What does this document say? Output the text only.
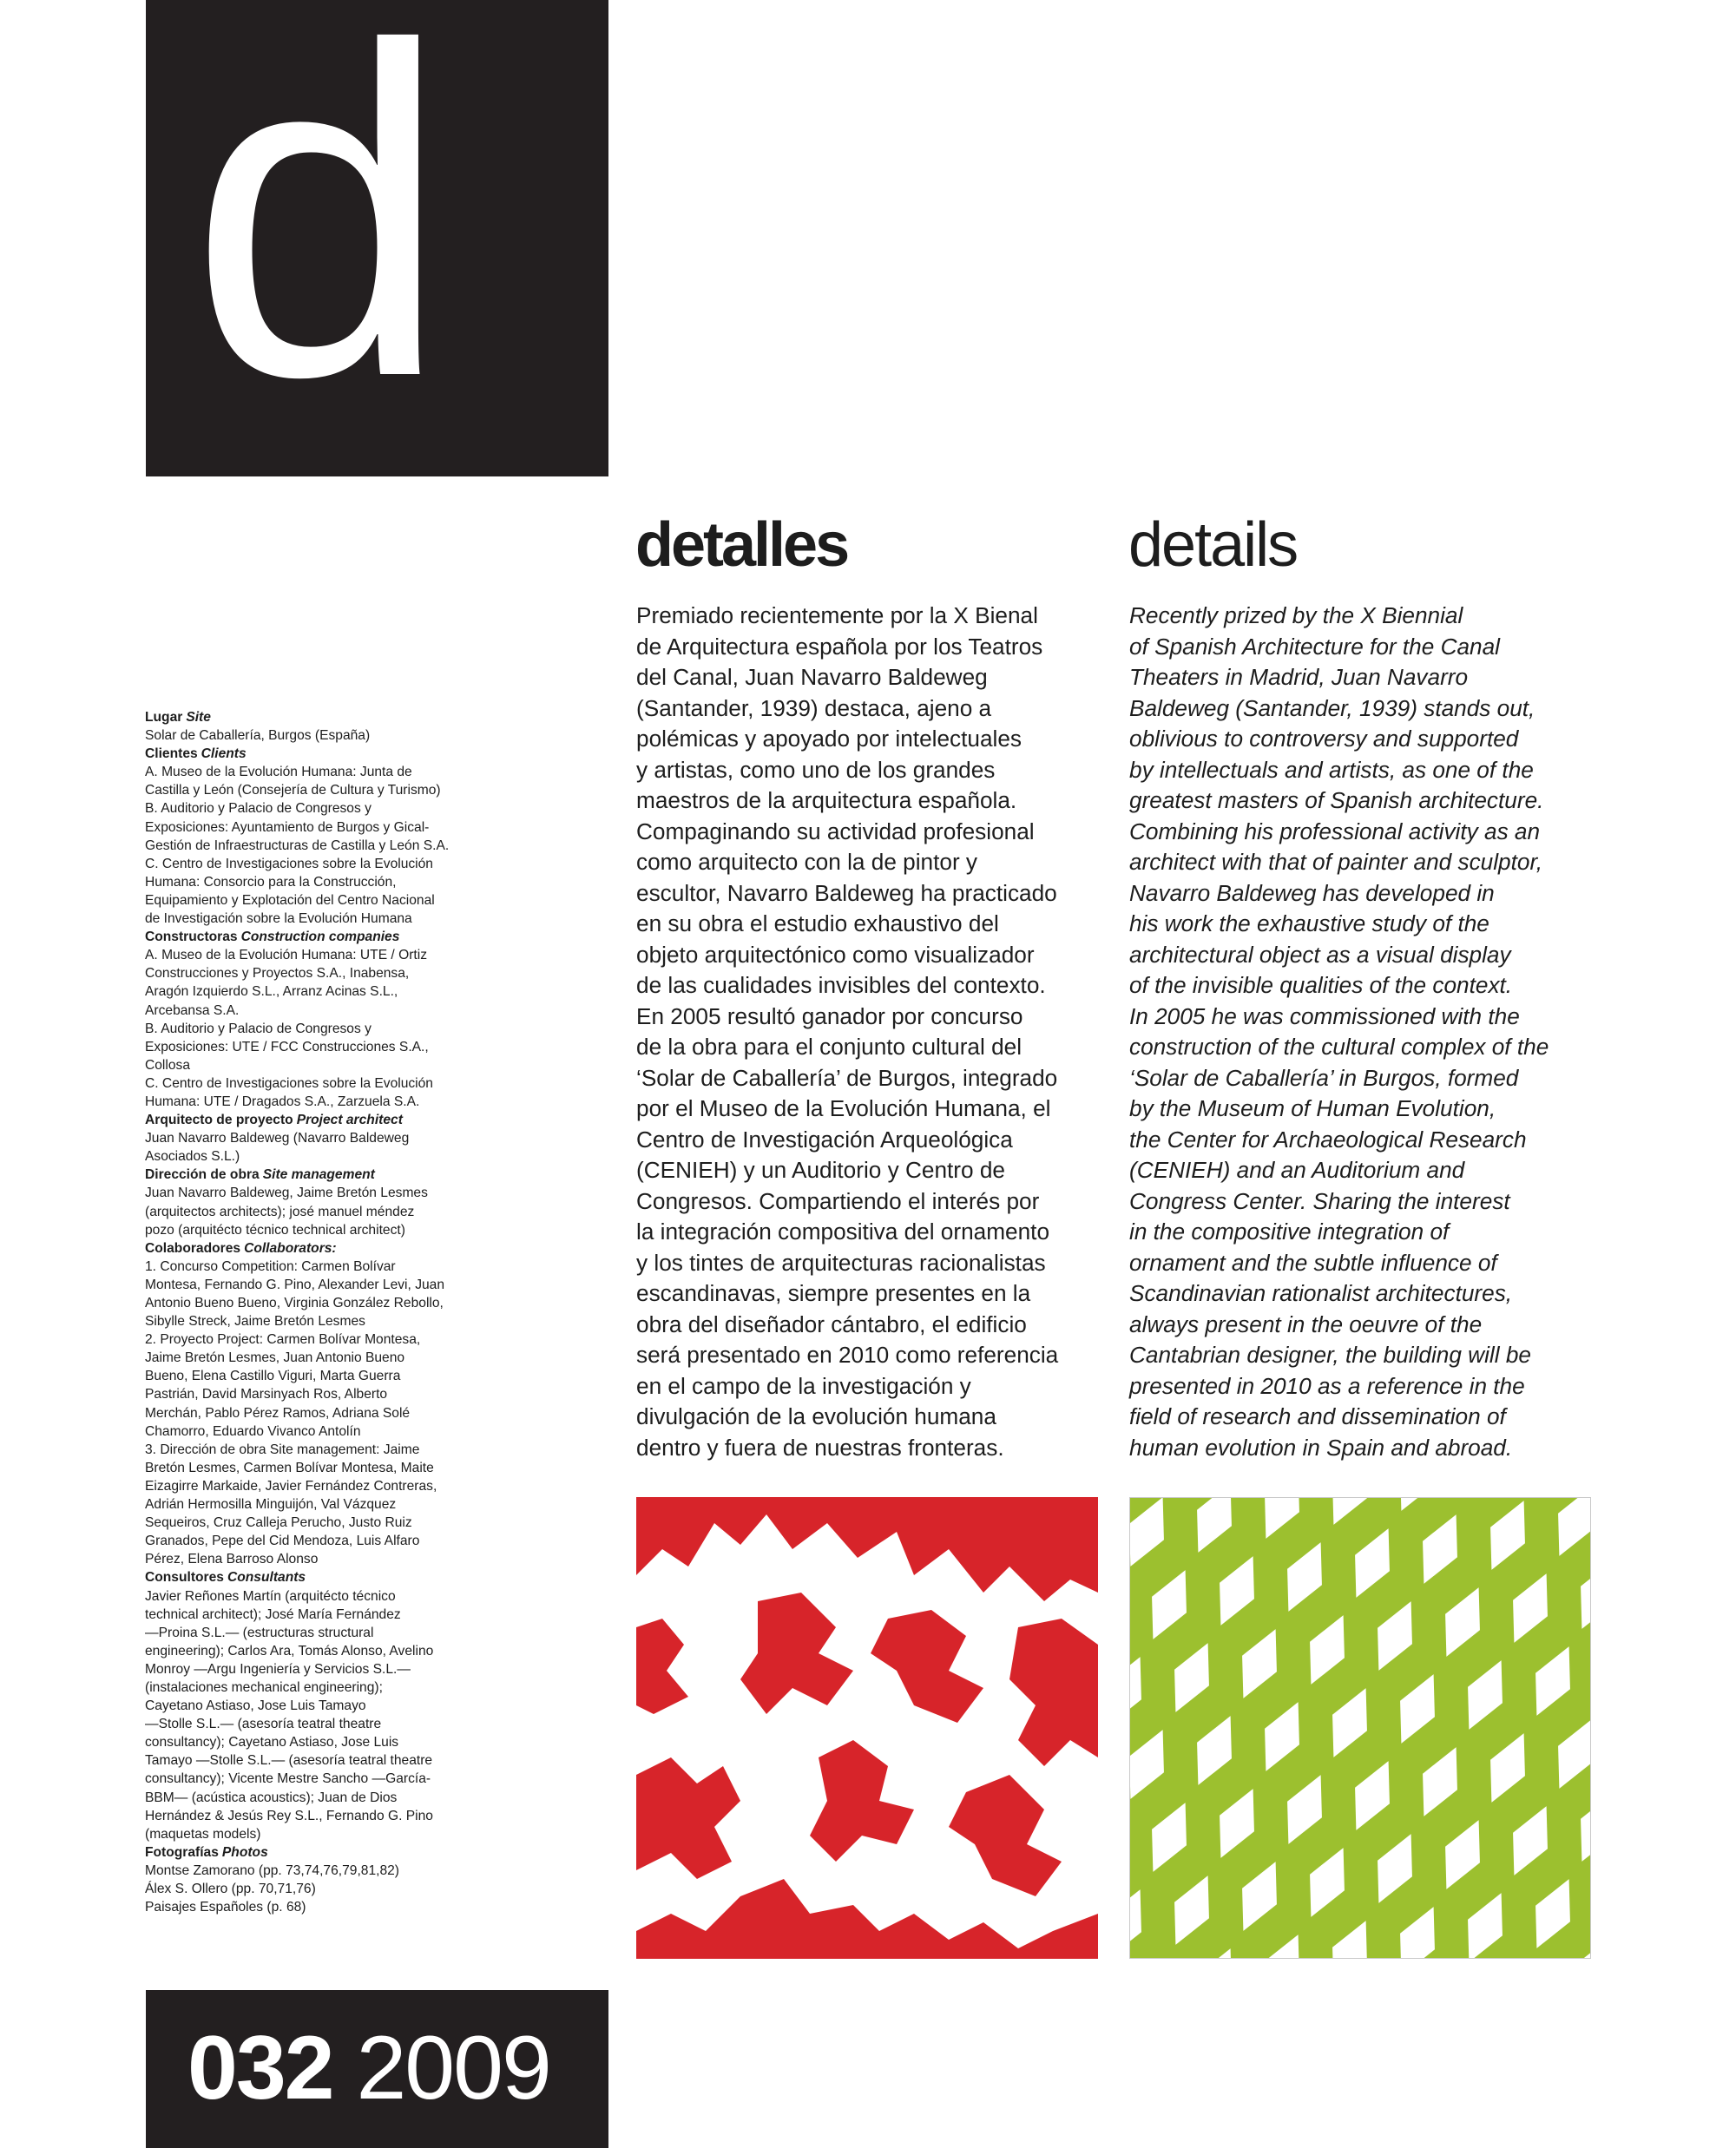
d
Lugar Site
Solar de Caballería, Burgos (España)
Clientes Clients
A. Museo de la Evolución Humana: Junta de
Castilla y León (Consejería de Cultura y Turismo)
B. Auditorio y Palacio de Congresos y
Exposiciones: Ayuntamiento de Burgos y Gical-
Gestión de Infraestructuras de Castilla y León S.A.
C. Centro de Investigaciones sobre la Evolución
Humana: Consorcio para la Construcción,
Equipamiento y Explotación del Centro Nacional
de Investigación sobre la Evolución Humana
Constructoras Construction companies
A. Museo de la Evolución Humana: UTE / Ortiz
Construcciones y Proyectos S.A., Inabensa,
Aragón Izquierdo S.L., Arranz Acinas S.L.,
Arcebansa S.A.
B. Auditorio y Palacio de Congresos y
Exposiciones: UTE / FCC Construcciones S.A.,
Collosa
C. Centro de Investigaciones sobre la Evolución
Humana: UTE / Dragados S.A., Zarzuela S.A.
Arquitecto de proyecto Project architect
Juan Navarro Baldeweg (Navarro Baldeweg
Asociados S.L.)
Dirección de obra Site management
Juan Navarro Baldeweg, Jaime Bretón Lesmes
(arquitectos architects); josé manuel méndez
pozo (arquitécto técnico technical architect)
Colaboradores Collaborators:
1. Concurso Competition: Carmen Bolívar
Montesa, Fernando G. Pino, Alexander Levi, Juan
Antonio Bueno Bueno, Virginia González Rebollo,
Sibylle Streck, Jaime Bretón Lesmes
2. Proyecto Project: Carmen Bolívar Montesa,
Jaime Bretón Lesmes, Juan Antonio Bueno
Bueno, Elena Castillo Viguri, Marta Guerra
Pastrián, David Marsinyach Ros, Alberto
Merchán, Pablo Pérez Ramos, Adriana Solé
Chamorro, Eduardo Vivanco Antolín
3. Dirección de obra Site management: Jaime
Bretón Lesmes, Carmen Bolívar Montesa, Maite
Eizagirre Markaide, Javier Fernández Contreras,
Adrián Hermosilla Minguijón, Val Vázquez
Sequeiros, Cruz Calleja Perucho, Justo Ruiz
Granados, Pepe del Cid Mendoza, Luis Alfaro
Pérez, Elena Barroso Alonso
Consultores Consultants
Javier Reñones Martín (arquitécto técnico
technical architect); José María Fernández
—Proina S.L.— (estructuras structural
engineering); Carlos Ara, Tomás Alonso, Avelino
Monroy —Argu Ingeniería y Servicios S.L.—
(instalaciones mechanical engineering);
Cayetano Astiaso, Jose Luis Tamayo
—Stolle S.L.— (asesoría teatral theatre
consultancy); Cayetano Astiaso, Jose Luis
Tamayo —Stolle S.L.— (asesoría teatral theatre
consultancy); Vicente Mestre Sancho —García-
BBM— (acústica acoustics); Juan de Dios
Hernández & Jesús Rey S.L., Fernando G. Pino
(maquetas models)
Fotografías Photos
Montse Zamorano (pp. 73,74,76,79,81,82)
Álex S. Ollero (pp. 70,71,76)
Paisajes Españoles (p. 68)
detalles	details
Premiado recientemente por la X Bienal
de Arquitectura española por los Teatros
del Canal, Juan Navarro Baldeweg
(Santander, 1939) destaca, ajeno a
polémicas y apoyado por intelectuales
y artistas, como uno de los grandes
maestros de la arquitectura española.
Compaginando su actividad profesional
como arquitecto con la de pintor y
escultor, Navarro Baldeweg ha practicado
en su obra el estudio exhaustivo del
objeto arquitectónico como visualizador
de las cualidades invisibles del contexto.
En 2005 resultó ganador por concurso
de la obra para el conjunto cultural del
‘Solar de Caballería’ de Burgos, integrado
por el Museo de la Evolución Humana, el
Centro de Investigación Arqueológica
(CENIEH) y un Auditorio y Centro de
Congresos. Compartiendo el interés por
la integración compositiva del ornamento
y los tintes de arquitecturas racionalistas
escandinavas, siempre presentes en la
obra del diseñador cántabro, el edificio
será presentado en 2010 como referencia
en el campo de la investigación y
divulgación de la evolución humana
dentro y fuera de nuestras fronteras.
Recently prized by the X Biennial
of Spanish Architecture for the Canal
Theaters in Madrid, Juan Navarro
Baldeweg (Santander, 1939) stands out,
oblivious to controversy and supported
by intellectuals and artists, as one of the
greatest masters of Spanish architecture.
Combining his professional activity as an
architect with that of painter and sculptor,
Navarro Baldeweg has developed in
his work the exhaustive study of the
architectural object as a visual display
of the invisible qualities of the context.
In 2005 he was commissioned with the
construction of the cultural complex of the
‘Solar de Caballería’ in Burgos, formed
by the Museum of Human Evolution,
the Center for Archaeological Research
(CENIEH) and an Auditorium and
Congress Center. Sharing the interest
in the compositive integration of
ornament and the subtle influence of
Scandinavian rationalist architectures,
always present in the oeuvre of the
Cantabrian designer, the building will be
presented in 2010 as a reference in the
field of research and dissemination of
human evolution in Spain and abroad.
032 2009
